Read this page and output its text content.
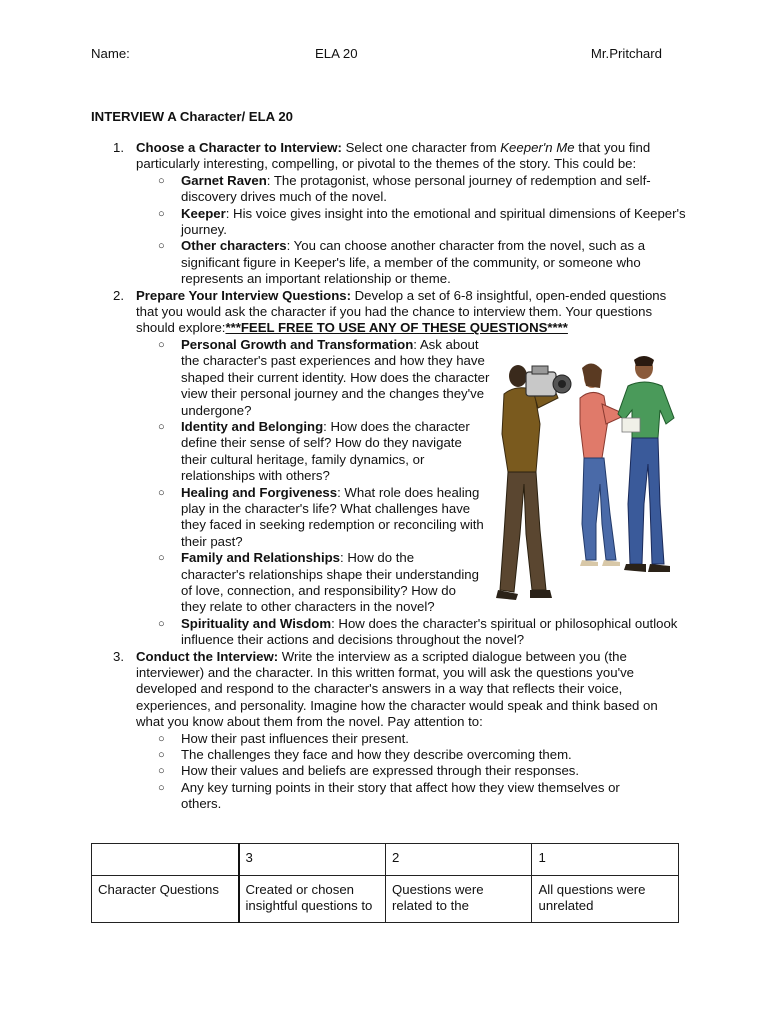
Name:	ELA 20	Mr.Pritchard
INTERVIEW A Character/ ELA 20
1. Choose a Character to Interview: Select one character from Keeper'n Me that you find particularly interesting, compelling, or pivotal to the themes of the story. This could be:
○ Garnet Raven: The protagonist, whose personal journey of redemption and self-discovery drives much of the novel.
○ Keeper: His voice gives insight into the emotional and spiritual dimensions of Keeper's journey.
○ Other characters: You can choose another character from the novel, such as a significant figure in Keeper's life, a member of the community, or someone who represents an important relationship or theme.
2. Prepare Your Interview Questions: Develop a set of 6-8 insightful, open-ended questions that you would ask the character if you had the chance to interview them. Your questions should explore:***FEEL FREE TO USE ANY OF THESE QUESTIONS****
○ Personal Growth and Transformation: Ask about the character's past experiences and how they have shaped their current identity. How does the character view their personal journey and the changes they've undergone?
○ Identity and Belonging: How does the character define their sense of self? How do they navigate their cultural heritage, family dynamics, or relationships with others?
○ Healing and Forgiveness: What role does healing play in the character's life? What challenges have they faced in seeking redemption or reconciling with their past?
○ Family and Relationships: How do the character's relationships shape their understanding of love, connection, and responsibility? How do they relate to other characters in the novel?
○ Spirituality and Wisdom: How does the character's spiritual or philosophical outlook influence their actions and decisions throughout the novel?
3. Conduct the Interview: Write the interview as a scripted dialogue between you (the interviewer) and the character. In this written format, you will ask the questions you've developed and respond to the character's answers in a way that reflects their voice, experiences, and personality. Imagine how the character would speak and think based on what you know about them from the novel. Pay attention to:
○ How their past influences their present.
○ The challenges they face and how they describe overcoming them.
○ How their values and beliefs are expressed through their responses.
○ Any key turning points in their story that affect how they view themselves or others.
	3	2	1
Character Questions	Created or chosen insightful questions to	Questions were related to the	All questions were unrelated
